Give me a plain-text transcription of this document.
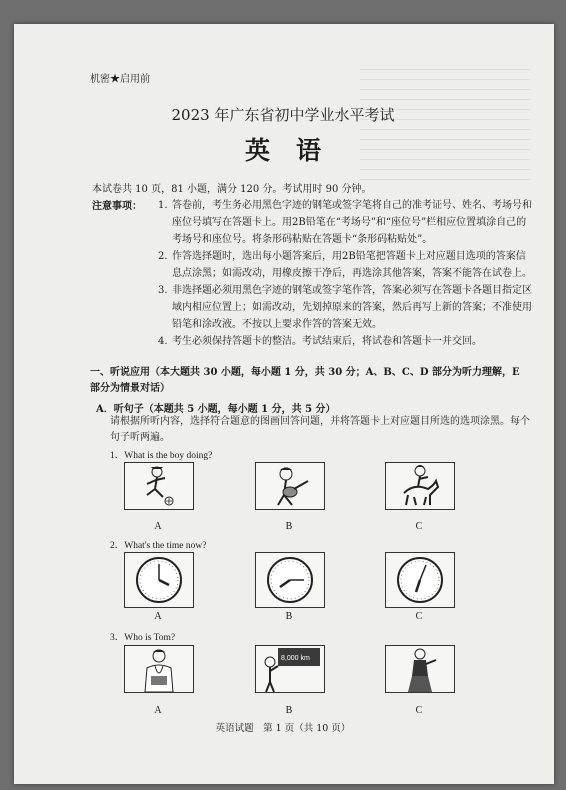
机密★启用前
2023 年广东省初中学业水平考试
英语
本试卷共 10 页，81 小题，满分 120 分。考试用时 90 分钟。
注意事项： 1. 答卷前，考生务必用黑色字迹的钢笔或签字笔将自己的准考证号、姓名、考场号和座位号填写在答题卡上。用2B铅笔在“考场号”和“座位号”栏相应位置填涂自己的考场号和座位号。将条形码粘贴在答题卡“条形码粘贴处”。
2. 作答选择题时，选出每小题答案后，用2B铅笔把答题卡上对应题目选项的答案信息点涂黑；如需改动，用橡皮擦干净后，再选涂其他答案，答案不能答在试卷上。
3. 非选择题必须用黑色字迹的钢笔或签字笔作答，答案必须写在答题卡各题目指定区域内相应位置上；如需改动，先划掉原来的答案，然后再写上新的答案；不准使用铅笔和涂改液。不按以上要求作答的答案无效。
4. 考生必须保持答题卡的整洁。考试结束后，将试卷和答题卡一并交回。
一、听说应用（本大题共 30 小题，每小题 1 分，共 30 分；A、B、C、D 部分为听力理解，E 部分为情景对话）
A．听句子（本题共 5 小题，每小题 1 分，共 5 分）
请根据所听内容，选择符合题意的图画回答问题，并将答题卡上对应题目所选的选项涂黑。每个句子听两遍。
1．What is the boy doing?
A	B	C
2．What's the time now?
A	B	C
3．Who is Tom?
8,000 km
A	B	C
英语试题　第 1 页（共 10 页）
